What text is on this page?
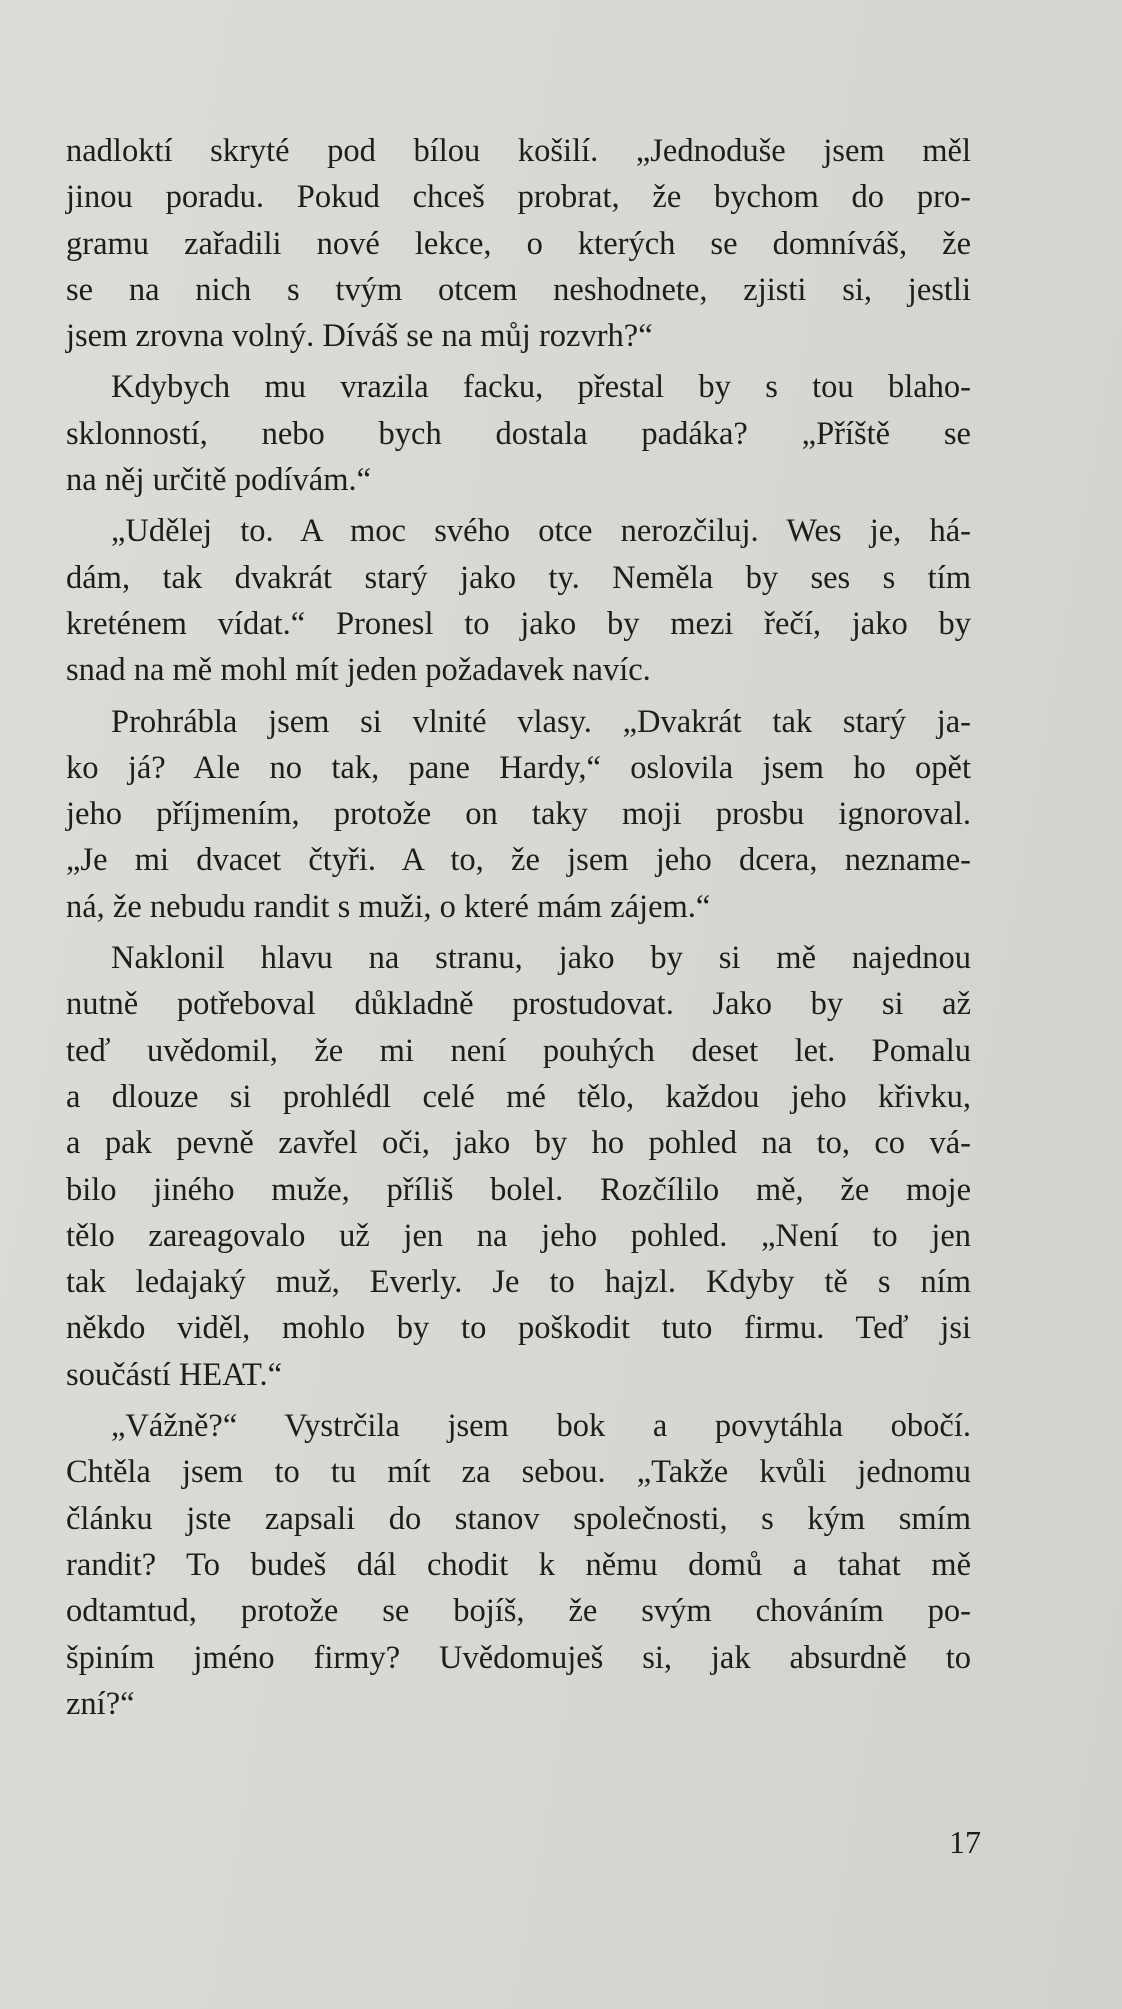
nadloktí skryté pod bílou košilí. „Jednoduše jsem měl
jinou poradu. Pokud chceš probrat, že bychom do pro-
gramu zařadili nové lekce, o kterých se domníváš, že
se na nich s tvým otcem neshodnete, zjisti si, jestli
jsem zrovna volný. Díváš se na můj rozvrh?“
Kdybych mu vrazila facku, přestal by s tou blaho-
sklonností, nebo bych dostala padáka? „Příště se
na něj určitě podívám.“
„Udělej to. A moc svého otce nerozčiluj. Wes je, há-
dám, tak dvakrát starý jako ty. Neměla by ses s tím
kreténem vídat.“ Pronesl to jako by mezi řečí, jako by
snad na mě mohl mít jeden požadavek navíc.
Prohrábla jsem si vlnité vlasy. „Dvakrát tak starý ja-
ko já? Ale no tak, pane Hardy,“ oslovila jsem ho opět
jeho příjmením, protože on taky moji prosbu ignoroval.
„Je mi dvacet čtyři. A to, že jsem jeho dcera, neznamе-
ná, že nebudu randit s muži, o které mám zájem.“
Naklonil hlavu na stranu, jako by si mě najednou
nutně potřeboval důkladně prostudovat. Jako by si až
teď uvědomil, že mi není pouhých deset let. Pomalu
a dlouze si prohlédl celé mé tělo, každou jeho křivku,
a pak pevně zavřel oči, jako by ho pohled na to, co vá-
bilo jiného muže, příliš bolel. Rozčílilo mě, že moje
tělo zareagovalo už jen na jeho pohled. „Není to jen
tak ledajaký muž, Everly. Je to hajzl. Kdyby tě s ním
někdo viděl, mohlo by to poškodit tuto firmu. Teď jsi
součástí HEAT.“
„Vážně?“ Vystrčila jsem bok a povytáhla obočí.
Chtěla jsem to tu mít za sebou. „Takže kvůli jednomu
článku jste zapsali do stanov společnosti, s kým smím
randit? To budeš dál chodit k němu domů a tahat mě
odtamtud, protože se bojíš, že svým chováním po-
špiním jméno firmy? Uvědomuješ si, jak absurdně to
zní?“
17
